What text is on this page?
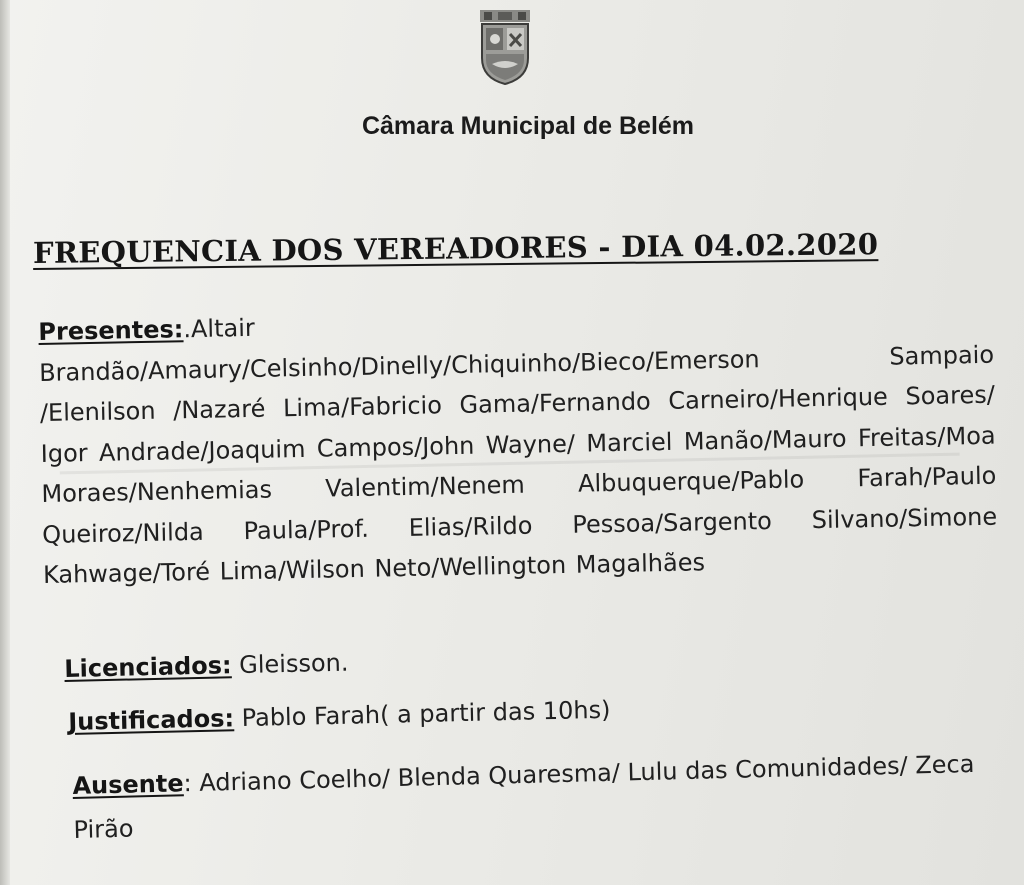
Câmara Municipal de Belém
FREQUENCIA DOS VEREADORES - DIA 04.02.2020
Presentes:.Altair
Brandão/Amaury/Celsinho/Dinelly/Chiquinho/Bieco/Emerson Sampaio /Elenilson /Nazaré Lima/Fabricio Gama/Fernando Carneiro/Henrique Soares/ Igor Andrade/Joaquim Campos/John Wayne/ Marciel Manão/Mauro Freitas/Moa Moraes/Nenhemias Valentim/Nenem Albuquerque/Pablo Farah/Paulo Queiroz/Nilda Paula/Prof. Elias/Rildo Pessoa/Sargento Silvano/Simone Kahwage/Toré Lima/Wilson Neto/Wellington Magalhães
Licenciados: Gleisson.
Justificados: Pablo Farah( a partir das 10hs)
Ausente: Adriano Coelho/ Blenda Quaresma/ Lulu das Comunidades/ Zeca Pirão
